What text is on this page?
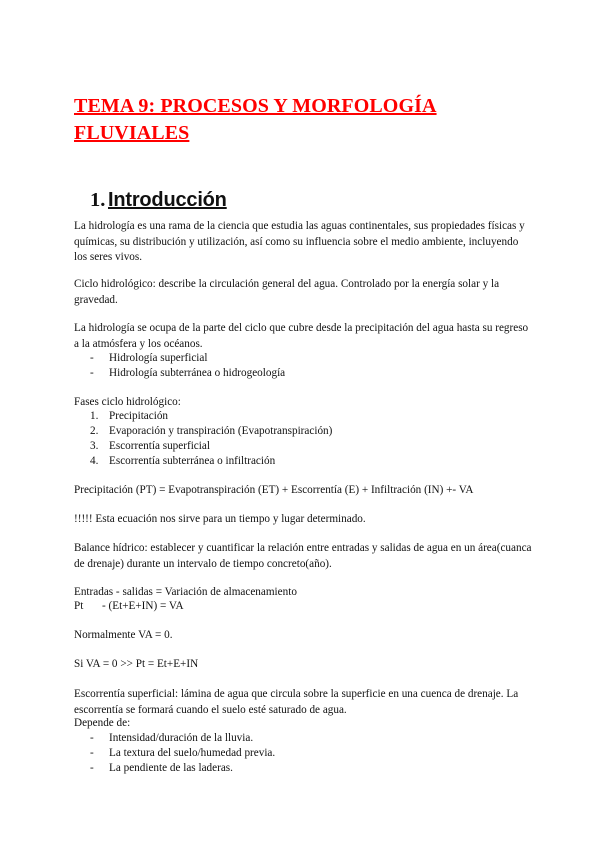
TEMA 9: PROCESOS Y MORFOLOGÍA FLUVIALES
1. Introducción

La hidrología es una rama de la ciencia que estudia las aguas continentales, sus propiedades físicas y químicas, su distribución y utilización, así como su influencia sobre el medio ambiente, incluyendo los seres vivos.

Ciclo hidrológico: describe la circulación general del agua. Controlado por la energía solar y la gravedad.

La hidrología se ocupa de la parte del ciclo que cubre desde la precipitación del agua hasta su regreso a la atmósfera y los océanos.

- Hidrología superficial
- Hidrología subterránea o hidrogeología

Fases ciclo hidrológico:

1. Precipitación
2. Evaporación y transpiración (Evapotranspiración)
3. Escorrentía superficial
4. Escorrentía subterránea o infiltración

Precipitación (PT) = Evapotranspiración (ET) + Escorrentía (E) + Infiltración (IN) +- VA

!!!!! Esta ecuación nos sirve para un tiempo y lugar determinado.

Balance hídrico: establecer y cuantificar la relación entre entradas y salidas de agua en un área(cuanca de drenaje) durante un intervalo de tiempo concreto(año).

Entradas - salidas = Variación de almacenamiento

Pt - (Et+E+IN) = VA

Normalmente VA = 0.

Si VA = 0 >> Pt = Et+E+IN

Escorrentía superficial: lámina de agua que circula sobre la superficie en una cuenca de drenaje. La escorrentía se formará cuando el suelo esté saturado de agua.

Depende de:

- Intensidad/duración de la lluvia.
- La textura del suelo/humedad previa.
- La pendiente de las laderas.
